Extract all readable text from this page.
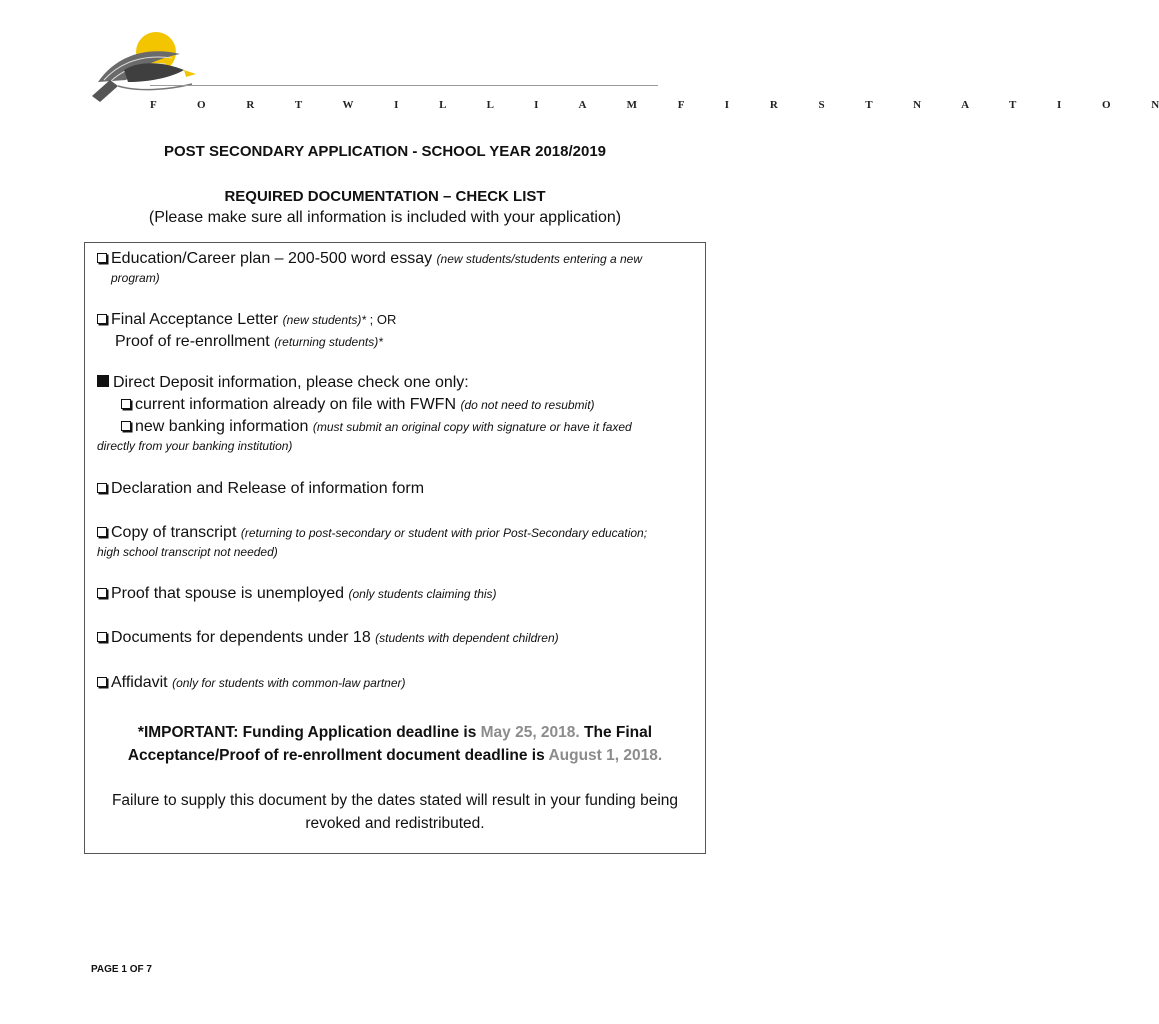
F O R T W I L L I A M F I R S T N A T I O N
POST SECONDARY APPLICATION - SCHOOL YEAR 2018/2019
REQUIRED DOCUMENTATION – CHECK LIST
(Please make sure all information is included with your application)
Education/Career plan – 200-500 word essay (new students/students entering a new
program)
Final Acceptance Letter (new students)* ; OR
Proof of re-enrollment (returning students)*
Direct Deposit information, please check one only:
current information already on file with FWFN (do not need to resubmit)
new banking information (must submit an original copy with signature or have it faxed
directly from your banking institution)
Declaration and Release of information form
Copy of transcript (returning to post-secondary or student with prior Post-Secondary education;
high school transcript not needed)
Proof that spouse is unemployed (only students claiming this)
Documents for dependents under 18 (students with dependent children)
Affidavit (only for students with common-law partner)
*IMPORTANT: Funding Application deadline is May 25, 2018. The Final
Acceptance/Proof of re-enrollment document deadline is August 1, 2018.
Failure to supply this document by the dates stated will result in your funding being
revoked and redistributed.
PAGE 1 OF 7
